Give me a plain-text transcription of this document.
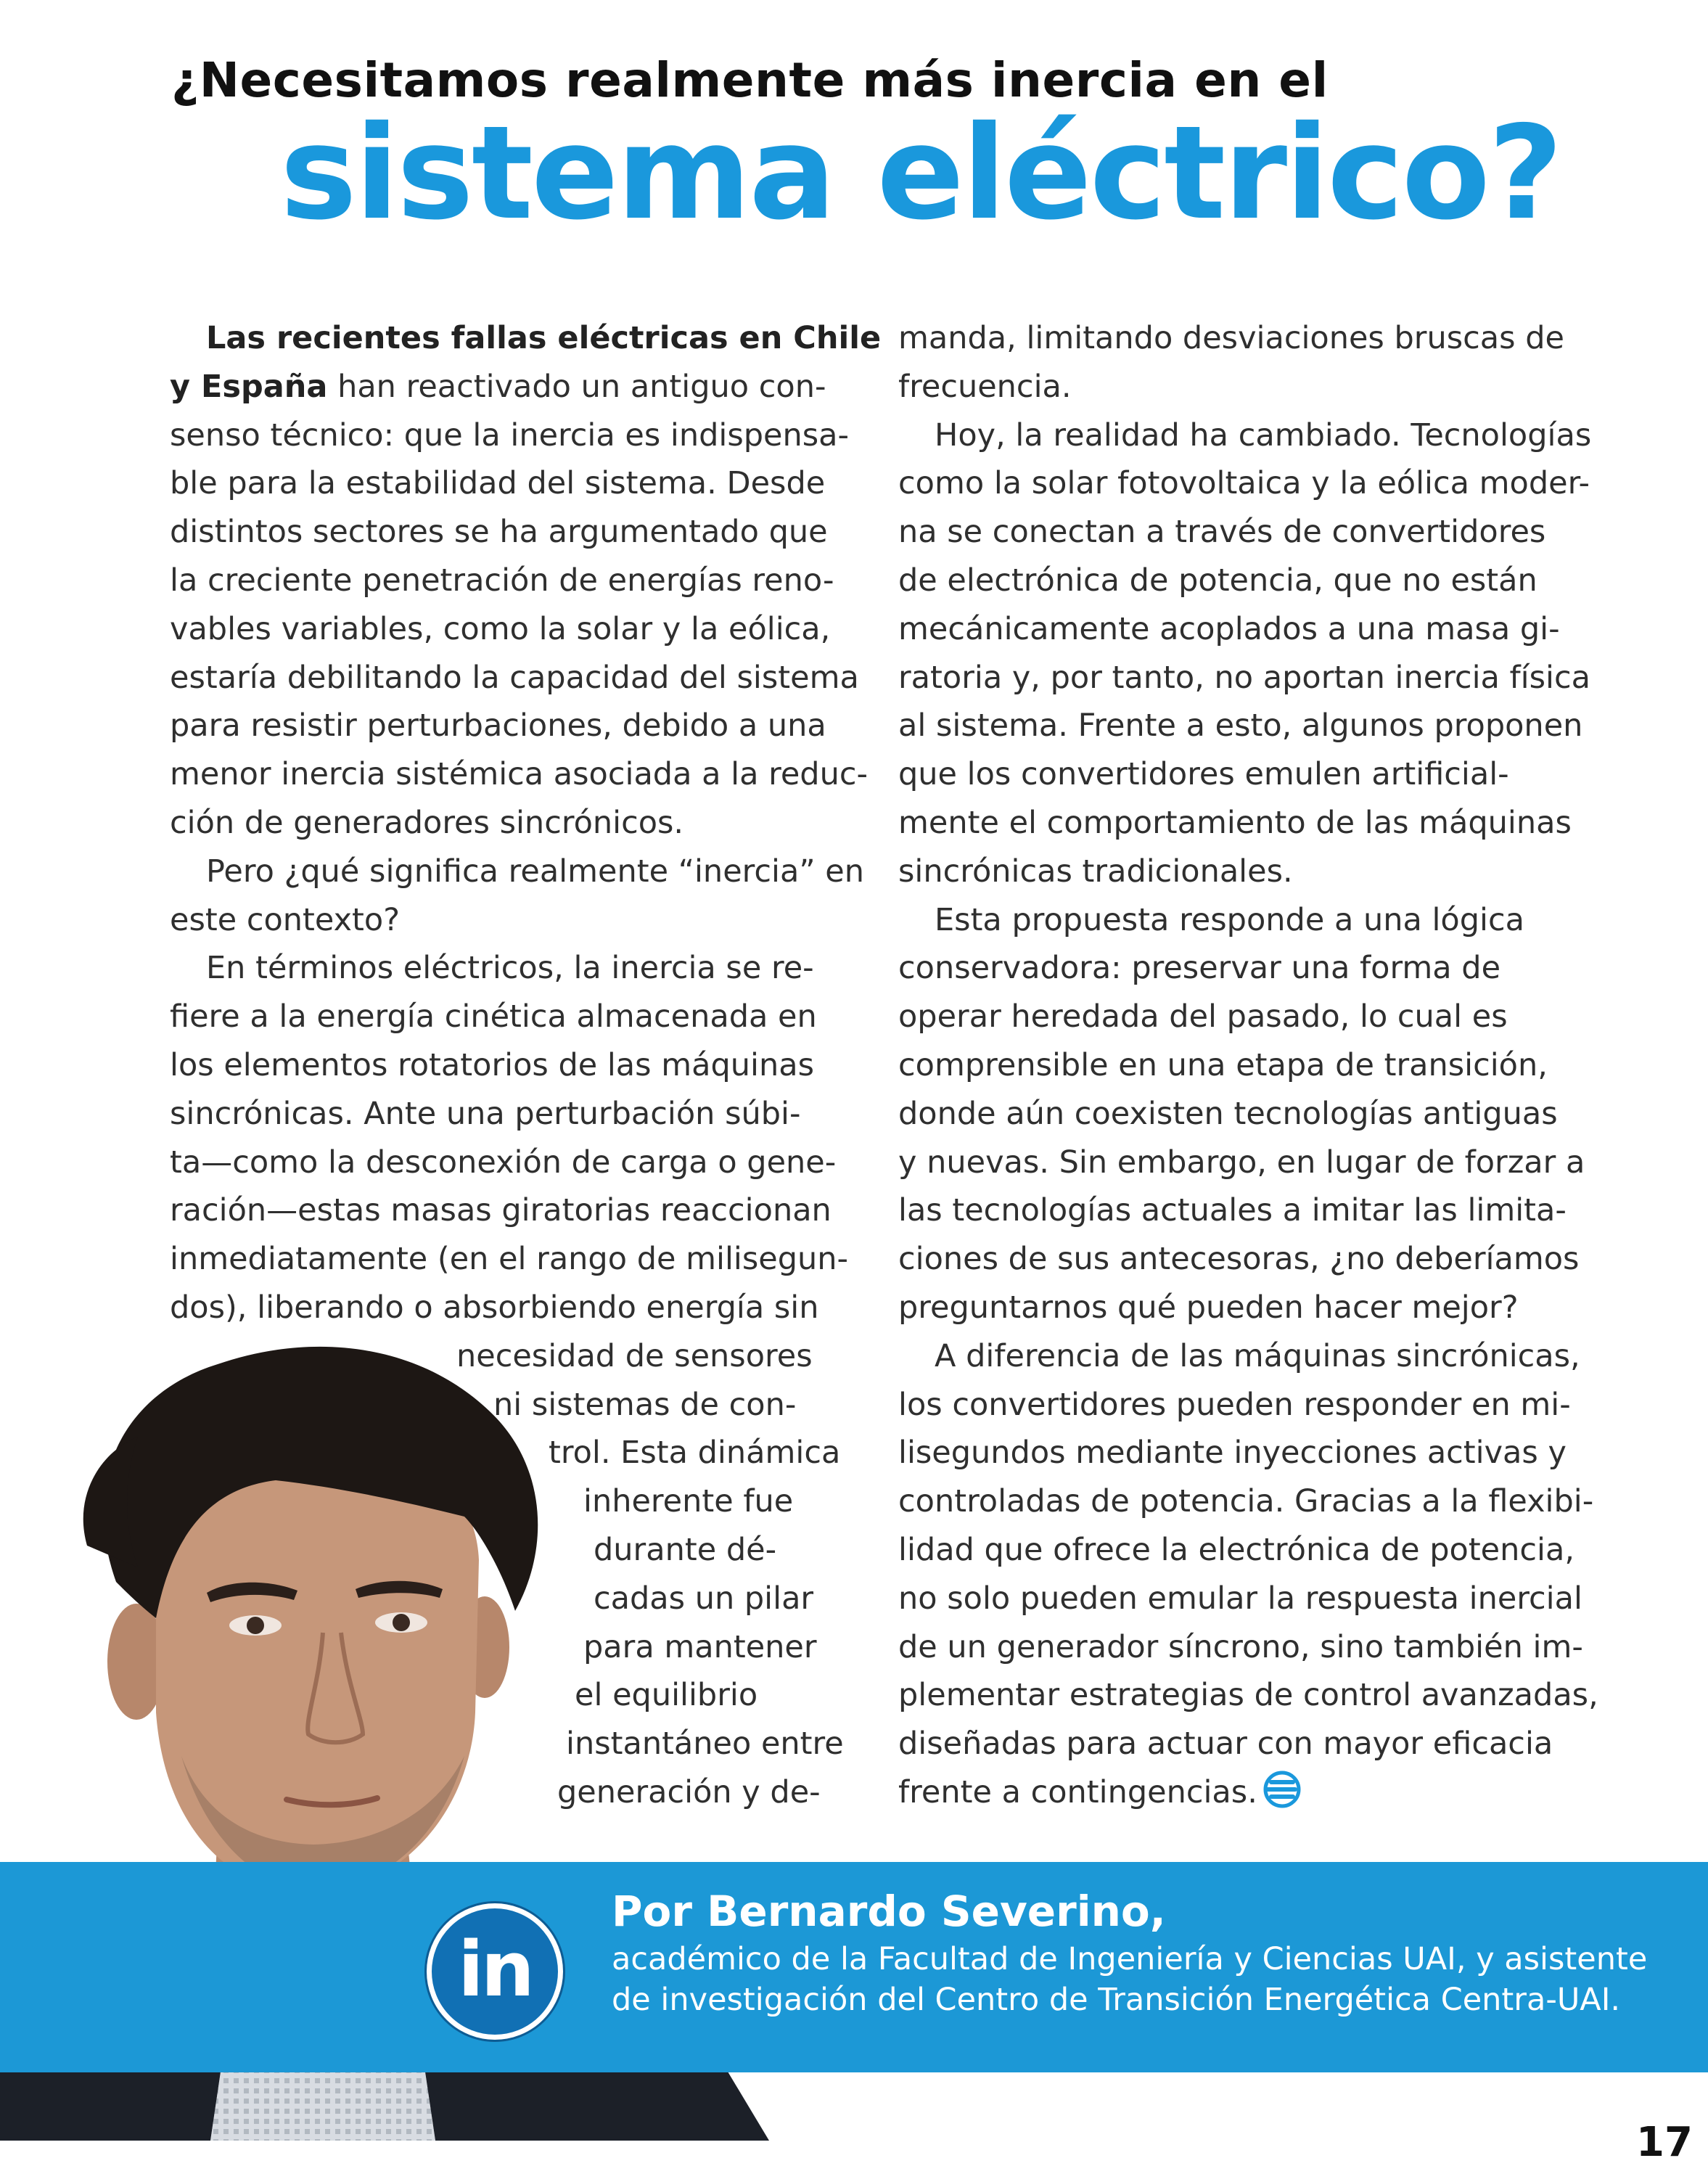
¿Necesitamos realmente más inercia en el
sistema eléctrico?
Las recientes fallas eléctricas en Chile
y España han reactivado un antiguo con-
senso técnico: que la inercia es indispensa-
ble para la estabilidad del sistema. Desde
distintos sectores se ha argumentado que
la creciente penetración de energías reno-
vables variables, como la solar y la eólica,
estaría debilitando la capacidad del sistema
para resistir perturbaciones, debido a una
menor inercia sistémica asociada a la reduc-
ción de generadores sincrónicos.
Pero ¿qué significa realmente “inercia” en
este contexto?
En términos eléctricos, la inercia se re-
fiere a la energía cinética almacenada en
los elementos rotatorios de las máquinas
sincrónicas. Ante una perturbación súbi-
ta—como la desconexión de carga o gene-
ración—estas masas giratorias reaccionan
inmediatamente (en el rango de milisegun-
dos), liberando o absorbiendo energía sin
necesidad de sensores
ni sistemas de con-
trol. Esta dinámica
inherente fue
durante dé-
cadas un pilar
para mantener
el equilibrio
instantáneo entre
generación y de-
manda, limitando desviaciones bruscas de
frecuencia.
Hoy, la realidad ha cambiado. Tecnologías
como la solar fotovoltaica y la eólica moder-
na se conectan a través de convertidores
de electrónica de potencia, que no están
mecánicamente acoplados a una masa gi-
ratoria y, por tanto, no aportan inercia física
al sistema. Frente a esto, algunos proponen
que los convertidores emulen artificial-
mente el comportamiento de las máquinas
sincrónicas tradicionales.
Esta propuesta responde a una lógica
conservadora: preservar una forma de
operar heredada del pasado, lo cual es
comprensible en una etapa de transición,
donde aún coexisten tecnologías antiguas
y nuevas. Sin embargo, en lugar de forzar a
las tecnologías actuales a imitar las limita-
ciones de sus antecesoras, ¿no deberíamos
preguntarnos qué pueden hacer mejor?
A diferencia de las máquinas sincrónicas,
los convertidores pueden responder en mi-
lisegundos mediante inyecciones activas y
controladas de potencia. Gracias a la flexibi-
lidad que ofrece la electrónica de potencia,
no solo pueden emular la respuesta inercial
de un generador síncrono, sino también im-
plementar estrategias de control avanzadas,
diseñadas para actuar con mayor eficacia
frente a contingencias.
in
Por Bernardo Severino,
académico de la Facultad de Ingeniería y Ciencias UAI, y asistente
de investigación del Centro de Transición Energética Centra-UAI.
17
